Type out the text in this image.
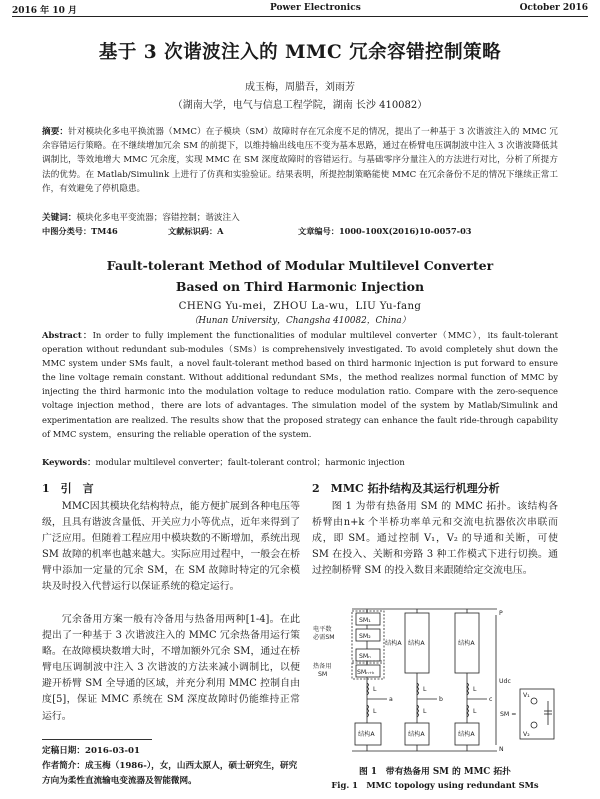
2016 年 10 月	Power Electronics	October 2016
基于 3 次谐波注入的 MMC 冗余容错控制策略
成玉梅，周腊吾，刘雨芳
（湖南大学，电气与信息工程学院，湖南 长沙 410082）
摘要：针对模块化多电平换流器（MMC）在子模块（SM）故障时存在冗余度不足的情况，提出了一种基于 3 次谐波注入的 MMC 冗余容错运行策略。在不继续增加冗余 SM 的前提下，以维持输出线电压不变为基本思路，通过在桥臂电压调制波中注入 3 次谐波降低其调制比，等效地增大 MMC 冗余度，实现 MMC 在 SM 深度故障时的容错运行。与基础零序分量注入的方法进行对比，分析了所提方法的优势。在 Matlab/Simulink 上进行了仿真和实验验证。结果表明，所提控制策略能使 MMC 在冗余备份不足的情况下继续正常工作，有效避免了停机隐患。
关键词：模块化多电平变流器；容错控制；谐波注入
中图分类号：TM46	文献标识码：A	文章编号：1000-100X(2016)10-0057-03
Fault-tolerant Method of Modular Multilevel Converter
Based on Third Harmonic Injection
CHENG Yu-mei，ZHOU La-wu，LIU Yu-fang
（Hunan University，Changsha 410082，China）
Abstract：In order to fully implement the functionalities of modular multilevel converter（MMC），its fault-tolerant operation without redundant sub-modules（SMs）is comprehensively investigated. To avoid completely shut down the MMC system under SMs fault，a novel fault-tolerant method based on third harmonic injection is put forward to ensure the line voltage remain constant. Without additional redundant SMs，the method realizes normal function of MMC by injecting the third harmonic into the modulation voltage to reduce modulation ratio. Compare with the zero-sequence voltage injection method，there are lots of advantages. The simulation model of the system by Matlab/Simulink and experimentation are realized. The results show that the proposed strategy can enhance the fault ride-through capability of MMC system，ensuring the reliable operation of the system.
Keywords：modular multilevel converter；fault-tolerant control；harmonic injection
1　引　言

MMC因其模块化结构特点，能方便扩展到各种电压等级，且具有谐波含量低、开关应力小等优点，近年来得到了广泛应用。但随着工程应用中模块数的不断增加，系统出现 SM 故障的机率也越来越大。实际应用过程中，一般会在桥臂中添加一定量的冗余 SM，在 SM 故障时特定的冗余模块及时投入代替运行以保证系统的稳定运行。

冗余备用方案一般有冷备用与热备用两种[1-4]。在此提出了一种基于 3 次谐波注入的 MMC 冗余热备用运行策略。在故障模块数增大时，不增加额外冗余 SM，通过在桥臂电压调制波中注入 3 次谐波的方法来减小调制比，以便避开桥臂 SM 全导通的区域，并充分利用 MMC 控制自由度[5]，保证 MMC 系统在 SM 深度故障时仍能维持正常运行。

定稿日期：2016-03-01
作者简介：成玉梅（1986-），女，山西太原人，硕士研究生，研究方向为柔性直流输电变流器及智能微网。
2　MMC 拓扑结构及其运行机理分析

图 1 为带有热备用 SM 的 MMC 拓扑。该结构各桥臂由n+k 个半桥功率单元和交流电抗器依次串联而成，即 SM。通过控制 V₁，V₂ 的导通和关断，可使 SM 在投入、关断和旁路 3 种工作模式下进行切换。通过控制桥臂 SM 的投入数目来跟随给定交流电压。

SM₁
SM₂
SMₙ
SMₙ₊ₖ
电平数
必需SM
热备用
SM
结构A 结构A	结构A
结构A	结构A	结构A
L	L	L
L	L	L
a	b	c
Udc
P
N
SM =
V₁
V₂
图 1　带有热备用 SM 的 MMC 拓扑
Fig. 1　MMC topology using redundant SMs
